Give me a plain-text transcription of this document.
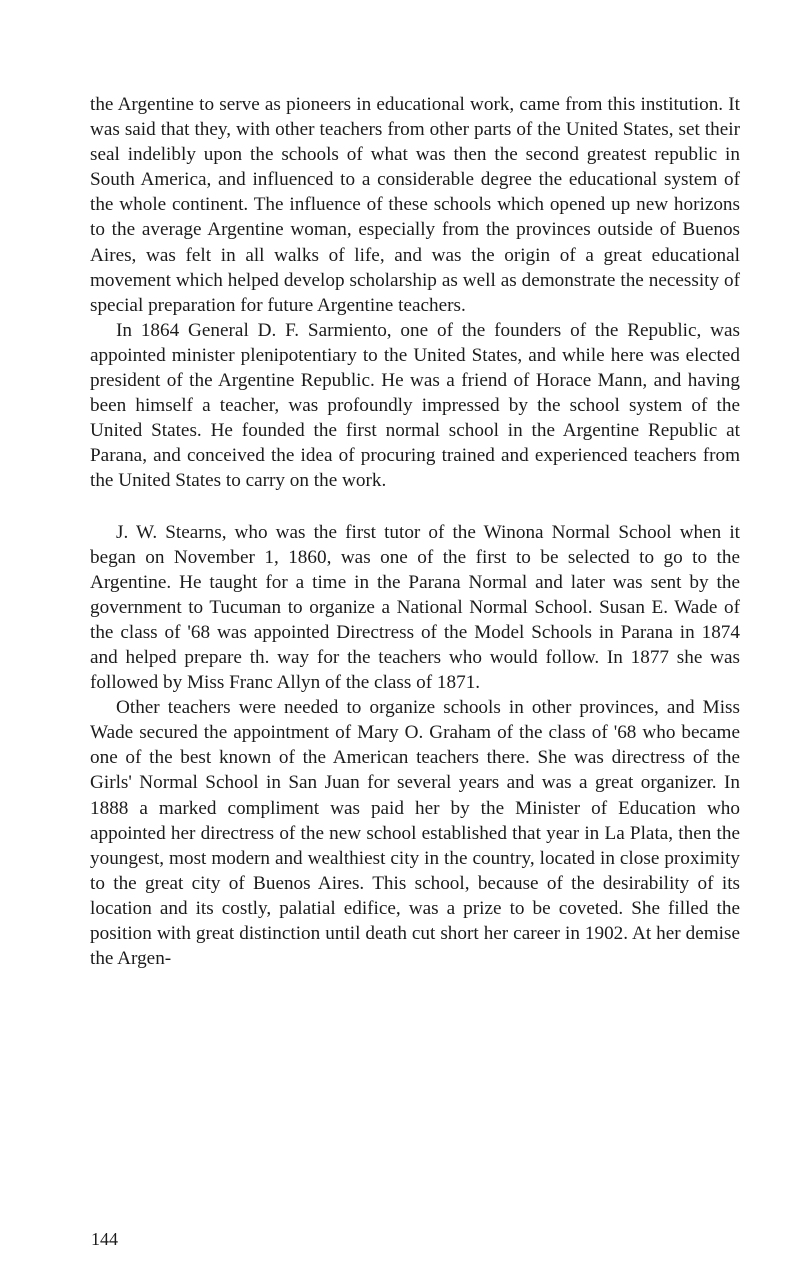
the Argentine to serve as pioneers in educational work, came from this institution. It was said that they, with other teachers from other parts of the United States, set their seal indelibly upon the schools of what was then the second greatest republic in South America, and influenced to a considerable degree the educational system of the whole continent. The influence of these schools which opened up new horizons to the average Argentine woman, especially from the provinces outside of Buenos Aires, was felt in all walks of life, and was the origin of a great educational movement which helped develop scholarship as well as demonstrate the necessity of special preparation for future Argentine teachers.

In 1864 General D. F. Sarmiento, one of the founders of the Republic, was appointed minister plenipotentiary to the United States, and while here was elected president of the Argentine Republic. He was a friend of Horace Mann, and having been himself a teacher, was profoundly impressed by the school system of the United States. He founded the first normal school in the Argentine Republic at Parana, and conceived the idea of procuring trained and experienced teachers from the United States to carry on the work.

J. W. Stearns, who was the first tutor of the Winona Normal School when it began on November 1, 1860, was one of the first to be selected to go to the Argentine. He taught for a time in the Parana Normal and later was sent by the government to Tucuman to organize a National Normal School. Susan E. Wade of the class of '68 was appointed Directress of the Model Schools in Parana in 1874 and helped prepare th. way for the teachers who would follow. In 1877 she was followed by Miss Franc Allyn of the class of 1871.

Other teachers were needed to organize schools in other provinces, and Miss Wade secured the appointment of Mary O. Graham of the class of '68 who became one of the best known of the American teachers there. She was directress of the Girls' Normal School in San Juan for several years and was a great organizer. In 1888 a marked compliment was paid her by the Minister of Education who appointed her directress of the new school established that year in La Plata, then the youngest, most modern and wealthiest city in the country, located in close proximity to the great city of Buenos Aires. This school, because of the desirability of its location and its costly, palatial edifice, was a prize to be coveted. She filled the position with great distinction until death cut short her career in 1902. At her demise the Argen-

144
